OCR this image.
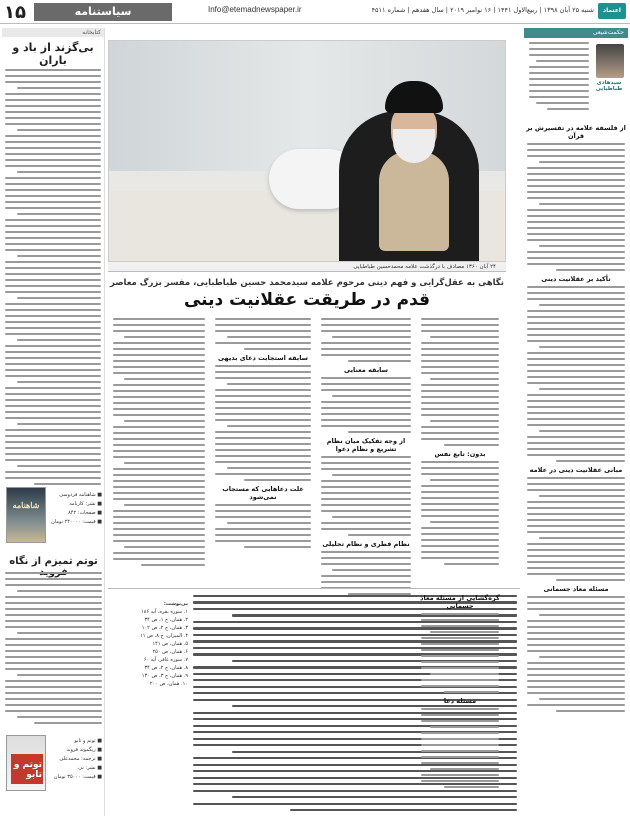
۱۵	سیاستنامه	Info@etemadnewspaper.ir	شنبه ۲۵ آبان ۱۳۹۸ | ربیع‌الاول ۱۴۴۱ | ۱۶ نوامبر ۲۰۱۹ | سال هفدهم | شماره ۴۵۱۱	اعتماد
کتابخانه
بی‌گزند از باد و باران
شاهنامه
■ شاهنامه فردوسی
■ نشر: کارنامه
■ صفحات: ۸۴۲
■ قیمت: ۲۴۰۰۰۰ تومان
توتم تمیزم از نگاه
توتم و تابو
■ توتم و تابو
■ زیگموند فروید
■ ترجمه: محمدعلی
■ نشر: نی
■ قیمت: ۳۵۰۰۰ تومان
حکمت‌شیعی
۲۴ آبان ۱۳۶۰ مصادف با درگذشت علامه محمدحسین طباطبایی
سیدهادی طباطبایی
از فلسفه علامه در تفسیرش بر قرآن
تأکید بر عقلانیت دینی
مبانی عقلانیت دینی در علامه
مسئله معاد جسمانی
نگاهی به عقل‌گرایی و فهم دینی مرحوم علامه سیدمحمد حسین طباطبایی، مفسر بزرگ معاصر
قدم در طریقت عقلانیت دینی
بدون: تابع نفس
سابقه معنایی
از وجه تفکیک میان نظام تشریع و نظام دعوا
نظام فطری و نظام تحلیلی
سابقه استجابت دعای بدیهی
علت دعاهایی که مستجاب نمی‌شود
پی‌نوشت:
۱. سوره بقره، آیه ۱۸۶
۲. همان، ج ۱، ص ۳۴
۳. همان، ج ۲، ص ۱۰۲
۴. المیزان، ج ۸، ص ۱۱
۵. همان، ص ۱۴۱
۶. همان، ص ۲۵۰
۷. سوره غافر، آیه ۶۰
۸. همان، ج ۲، ص ۳۴
۹. همان، ج ۳، ص ۱۳۰
۱۰. همان، ص ۲۰۰
گره‌گشایی از مسئله معاد جسمانی
مسئله دعا
